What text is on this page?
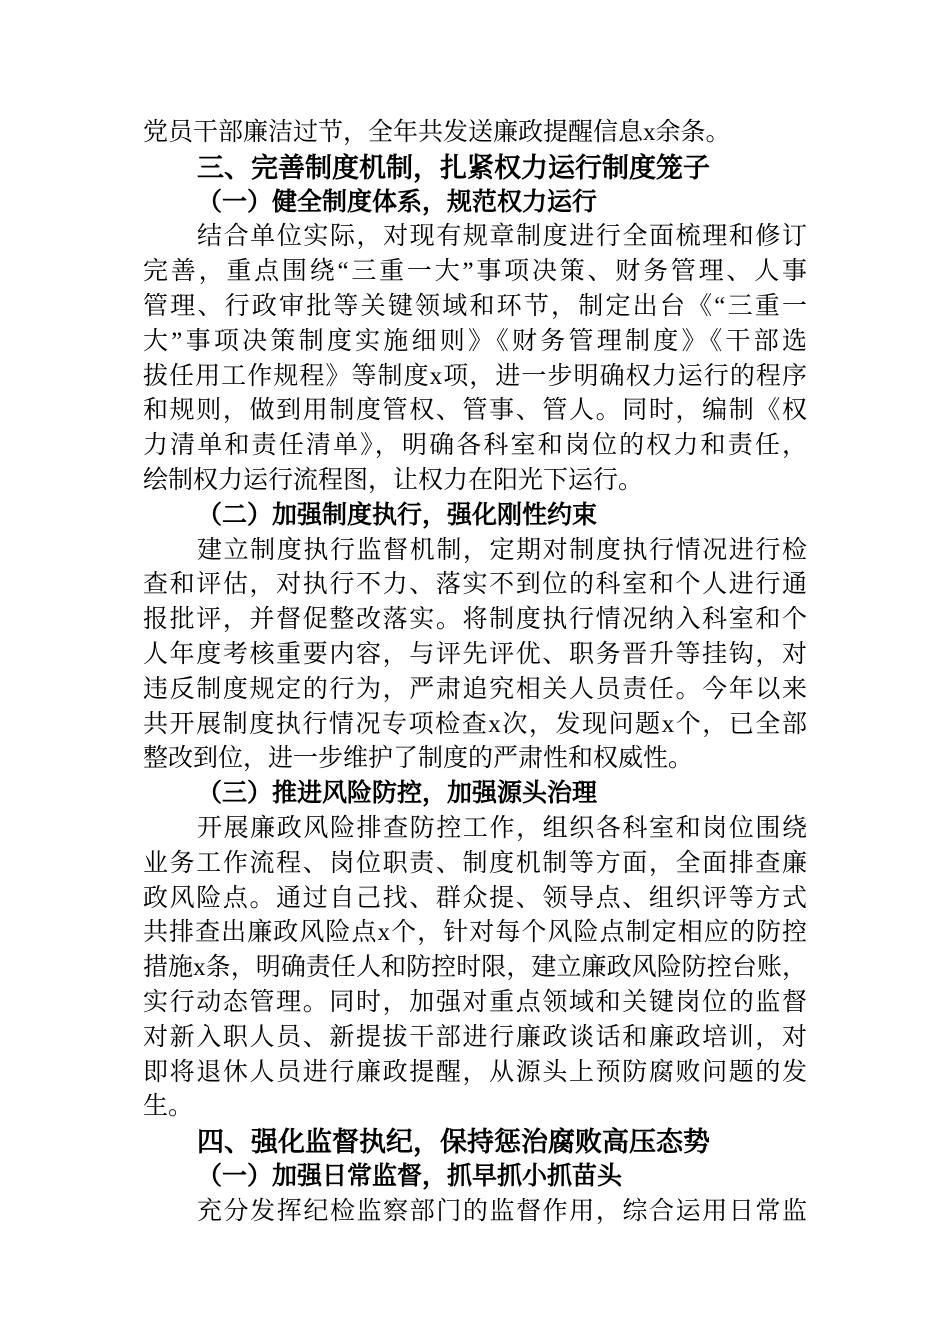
党员干部廉洁过节，全年共发送廉政提醒信息x余条。
三、完善制度机制，扎紧权力运行制度笼子
（一）健全制度体系，规范权力运行
结合单位实际，对现有规章制度进行全面梳理和修订
完善，重点围绕“三重一大”事项决策、财务管理、人事
管理、行政审批等关键领域和环节，制定出台《“三重一
大”事项决策制度实施细则》《财务管理制度》《干部选
拔任用工作规程》等制度x项，进一步明确权力运行的程序
和规则，做到用制度管权、管事、管人。同时，编制《权
力清单和责任清单》，明确各科室和岗位的权力和责任，
绘制权力运行流程图，让权力在阳光下运行。
（二）加强制度执行，强化刚性约束
建立制度执行监督机制，定期对制度执行情况进行检
查和评估，对执行不力、落实不到位的科室和个人进行通
报批评，并督促整改落实。将制度执行情况纳入科室和个
人年度考核重要内容，与评先评优、职务晋升等挂钩，对
违反制度规定的行为，严肃追究相关人员责任。今年以来
共开展制度执行情况专项检查x次，发现问题x个，已全部
整改到位，进一步维护了制度的严肃性和权威性。
（三）推进风险防控，加强源头治理
开展廉政风险排查防控工作，组织各科室和岗位围绕
业务工作流程、岗位职责、制度机制等方面，全面排查廉
政风险点。通过自己找、群众提、领导点、组织评等方式
共排查出廉政风险点x个，针对每个风险点制定相应的防控
措施x条，明确责任人和防控时限，建立廉政风险防控台账，
实行动态管理。同时，加强对重点领域和关键岗位的监督
对新入职人员、新提拔干部进行廉政谈话和廉政培训，对
即将退休人员进行廉政提醒，从源头上预防腐败问题的发
生。
四、强化监督执纪，保持惩治腐败高压态势
（一）加强日常监督，抓早抓小抓苗头
充分发挥纪检监察部门的监督作用，综合运用日常监
